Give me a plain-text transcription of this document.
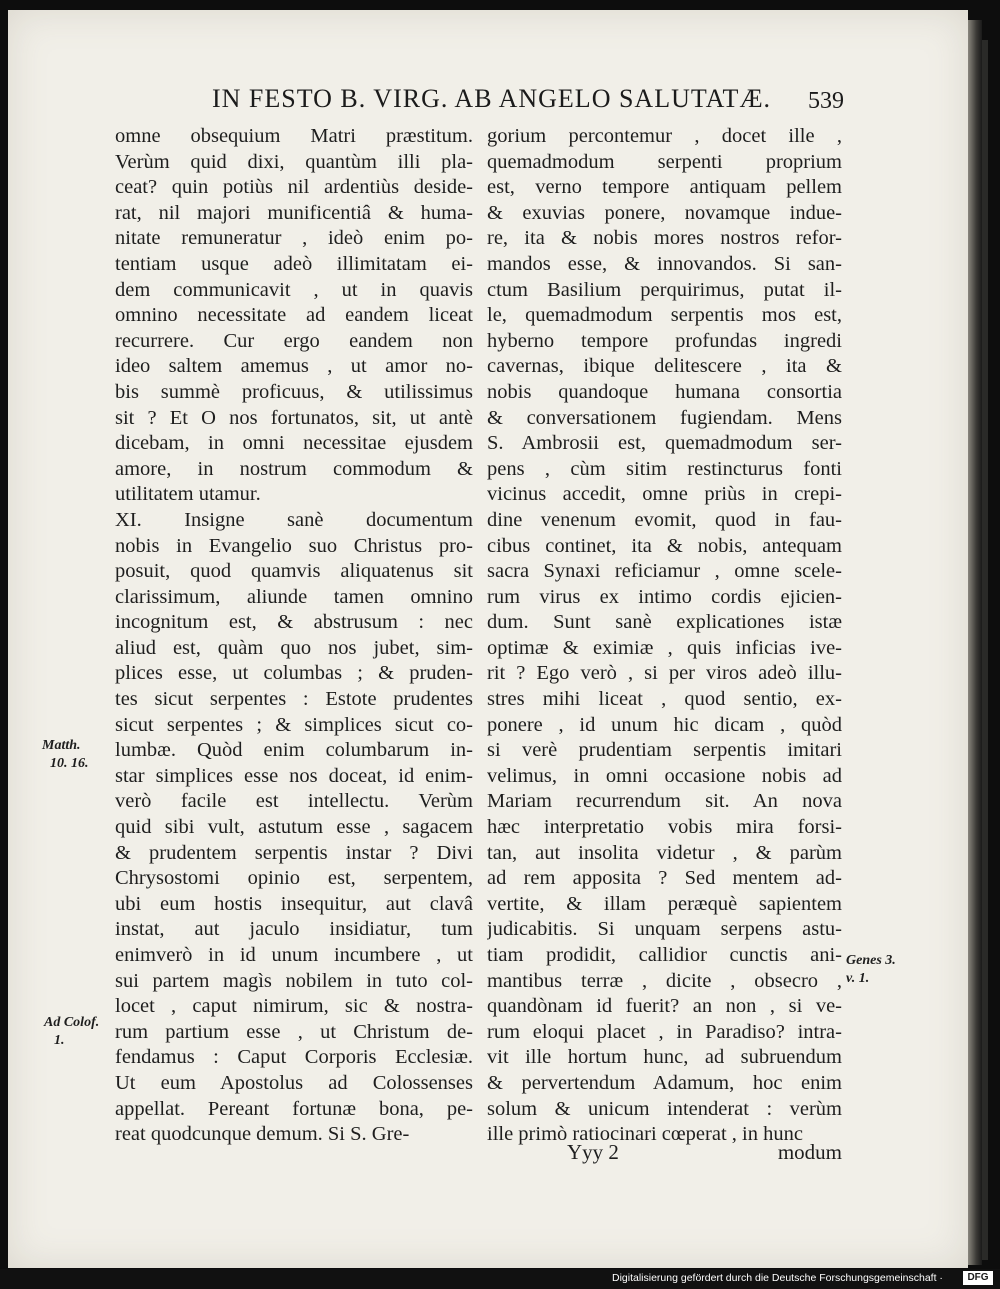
IN FESTO B. VIRG. AB ANGELO SALUTATÆ. 539
omne obsequium Matri præstitum.
Verùm quid dixi, quantùm illi pla-
ceat? quin potiùs nil ardentiùs deside-
rat, nil majori munificentiâ & huma-
nitate remuneratur , ideò enim po-
tentiam usque adeò illimitatam ei-
dem communicavit , ut in quavis
omnino necessitate ad eandem liceat
recurrere. Cur ergo eandem non
ideo saltem amemus , ut amor no-
bis summè proficuus, & utilissimus
sit ? Et O nos fortunatos, sit, ut antè
dicebam, in omni necessitae ejusdem
amore, in nostrum commodum &
utilitatem utamur.
XI. Insigne sanè documentum
nobis in Evangelio suo Christus pro-
posuit, quod quamvis aliquatenus sit
clarissimum, aliunde tamen omnino
incognitum est, & abstrusum : nec
aliud est, quàm quo nos jubet, sim-
plices esse, ut columbas ; & pruden-
tes sicut serpentes : Estote prudentes
sicut serpentes ; & simplices sicut co-
lumbæ. Quòd enim columbarum in-
star simplices esse nos doceat, id enim-
verò facile est intellectu. Verùm
quid sibi vult, astutum esse , sagacem
& prudentem serpentis instar ? Divi
Chrysostomi opinio est, serpentem,
ubi eum hostis insequitur, aut clavâ
instat, aut jaculo insidiatur, tum
enimverò in id unum incumbere , ut
sui partem magìs nobilem in tuto col-
locet , caput nimirum, sic & nostra-
rum partium esse , ut Christum de-
fendamus : Caput Corporis Ecclesiæ.
Ut eum Apostolus ad Colossenses
appellat. Pereant fortunæ bona, pe-
reat quodcunque demum. Si S. Gre-
gorium percontemur , docet ille ,
quemadmodum serpenti proprium
est, verno tempore antiquam pellem
& exuvias ponere, novamque indue-
re, ita & nobis mores nostros refor-
mandos esse, & innovandos. Si san-
ctum Basilium perquirimus, putat il-
le, quemadmodum serpentis mos est,
hyberno tempore profundas ingredi
cavernas, ibique delitescere , ita &
nobis quandoque humana consortia
& conversationem fugiendam. Mens
S. Ambrosii est, quemadmodum ser-
pens , cùm sitim restincturus fonti
vicinus accedit, omne priùs in crepi-
dine venenum evomit, quod in fau-
cibus continet, ita & nobis, antequam
sacra Synaxi reficiamur , omne scele-
rum virus ex intimo cordis ejicien-
dum. Sunt sanè explicationes istæ
optimæ & eximiæ , quis inficias ive-
rit ? Ego verò , si per viros adeò illu-
stres mihi liceat , quod sentio, ex-
ponere , id unum hic dicam , quòd
si verè prudentiam serpentis imitari
velimus, in omni occasione nobis ad
Mariam recurrendum sit. An nova
hæc interpretatio vobis mira forsi-
tan, aut insolita videtur , & parùm
ad rem apposita ? Sed mentem ad-
vertite, & illam peræquè sapientem
judicabitis. Si unquam serpens astu-
tiam prodidit, callidior cunctis ani-
mantibus terræ , dicite , obsecro ,
quandònam id fuerit? an non , si ve-
rum eloqui placet , in Paradiso? intra-
vit ille hortum hunc, ad subruendum
& pervertendum Adamum, hoc enim
solum & unicum intenderat : verùm
ille primò ratiocinari cœperat , in hunc
Matth.
10. 16.
Ad Colof.
1.
Genes 3.
v. 1.
Yyy 2	modum
Digitalisierung gefördert durch die Deutsche Forschungsgemeinschaft ·	DFG
